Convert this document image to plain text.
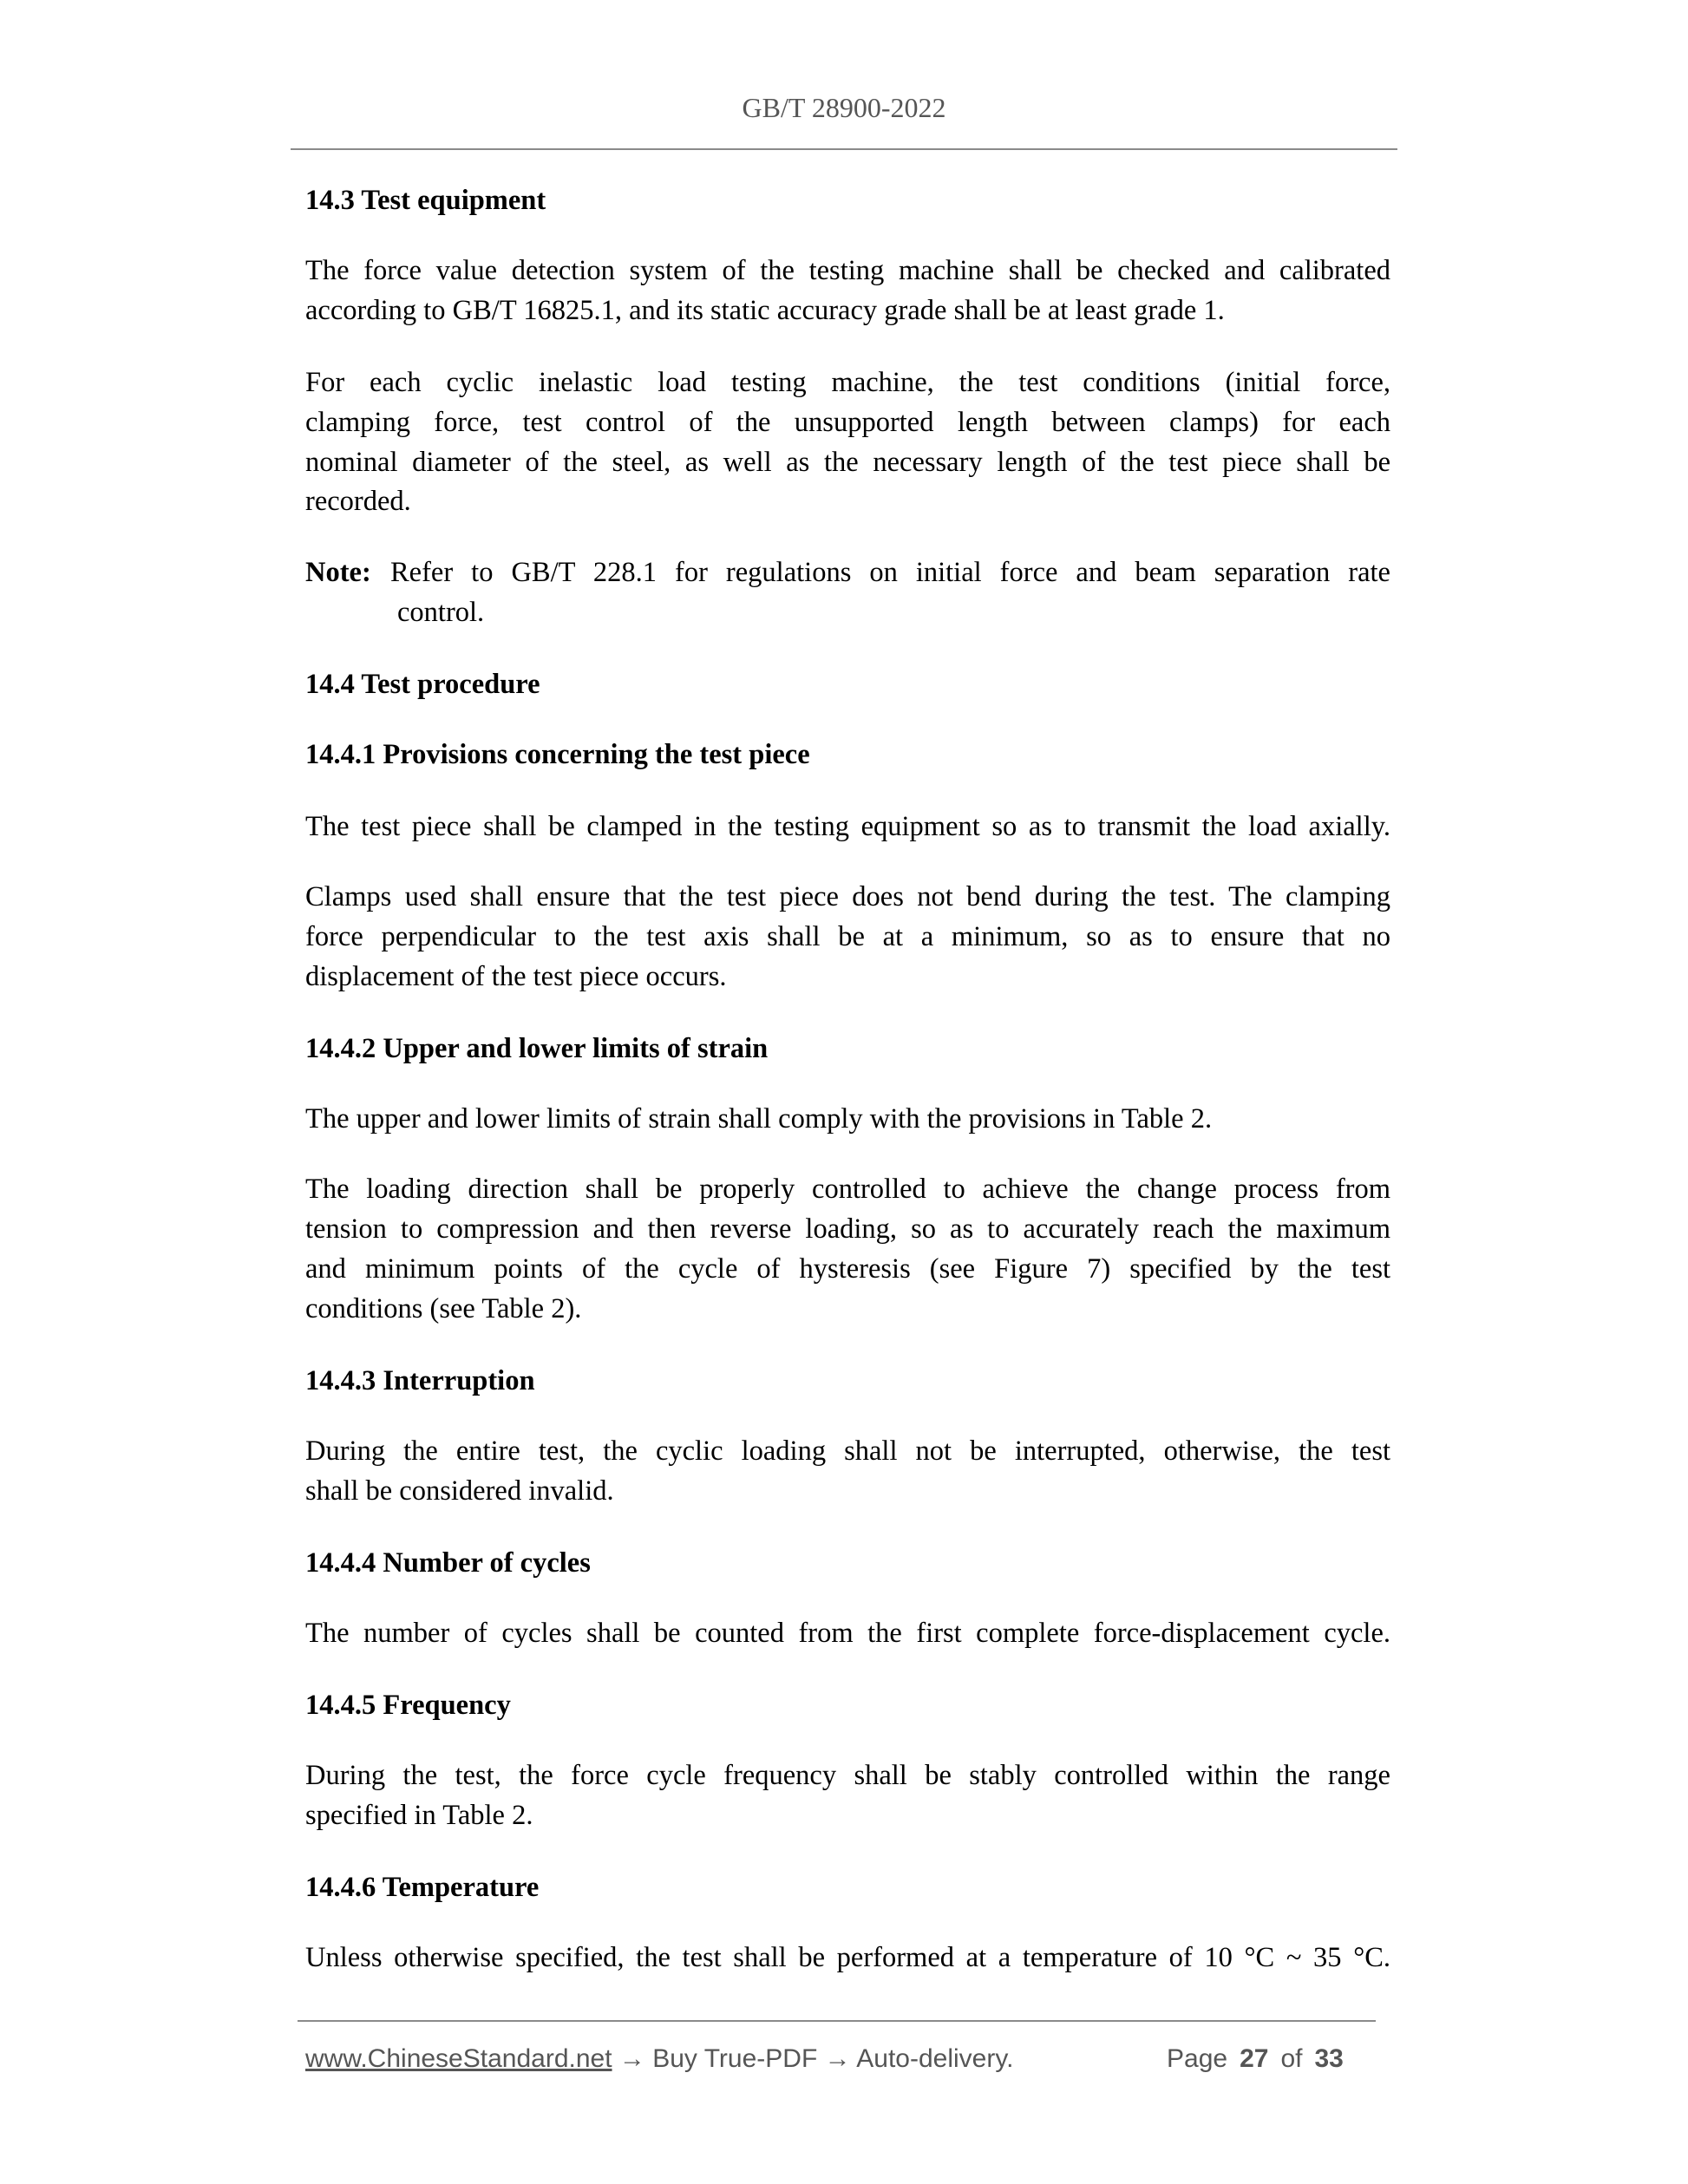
GB/T 28900-2022
14.3 Test equipment
The force value detection system of the testing machine shall be checked and calibrated
according to GB/T 16825.1, and its static accuracy grade shall be at least grade 1.
For each cyclic inelastic load testing machine, the test conditions (initial force,
clamping force, test control of the unsupported length between clamps) for each
nominal diameter of the steel, as well as the necessary length of the test piece shall be
recorded.
Note: Refer to GB/T 228.1 for regulations on initial force and beam separation rate
control.
14.4 Test procedure
14.4.1 Provisions concerning the test piece
The test piece shall be clamped in the testing equipment so as to transmit the load axially.
Clamps used shall ensure that the test piece does not bend during the test. The clamping
force perpendicular to the test axis shall be at a minimum, so as to ensure that no
displacement of the test piece occurs.
14.4.2 Upper and lower limits of strain
The upper and lower limits of strain shall comply with the provisions in Table 2.
The loading direction shall be properly controlled to achieve the change process from
tension to compression and then reverse loading, so as to accurately reach the maximum
and minimum points of the cycle of hysteresis (see Figure 7) specified by the test
conditions (see Table 2).
14.4.3 Interruption
During the entire test, the cyclic loading shall not be interrupted, otherwise, the test
shall be considered invalid.
14.4.4 Number of cycles
The number of cycles shall be counted from the first complete force-displacement cycle.
14.4.5 Frequency
During the test, the force cycle frequency shall be stably controlled within the range
specified in Table 2.
14.4.6 Temperature
Unless otherwise specified, the test shall be performed at a temperature of 10 °C ~ 35 °C.
www.ChineseStandard.net → Buy True-PDF → Auto-delivery.	Page 27 of 33
